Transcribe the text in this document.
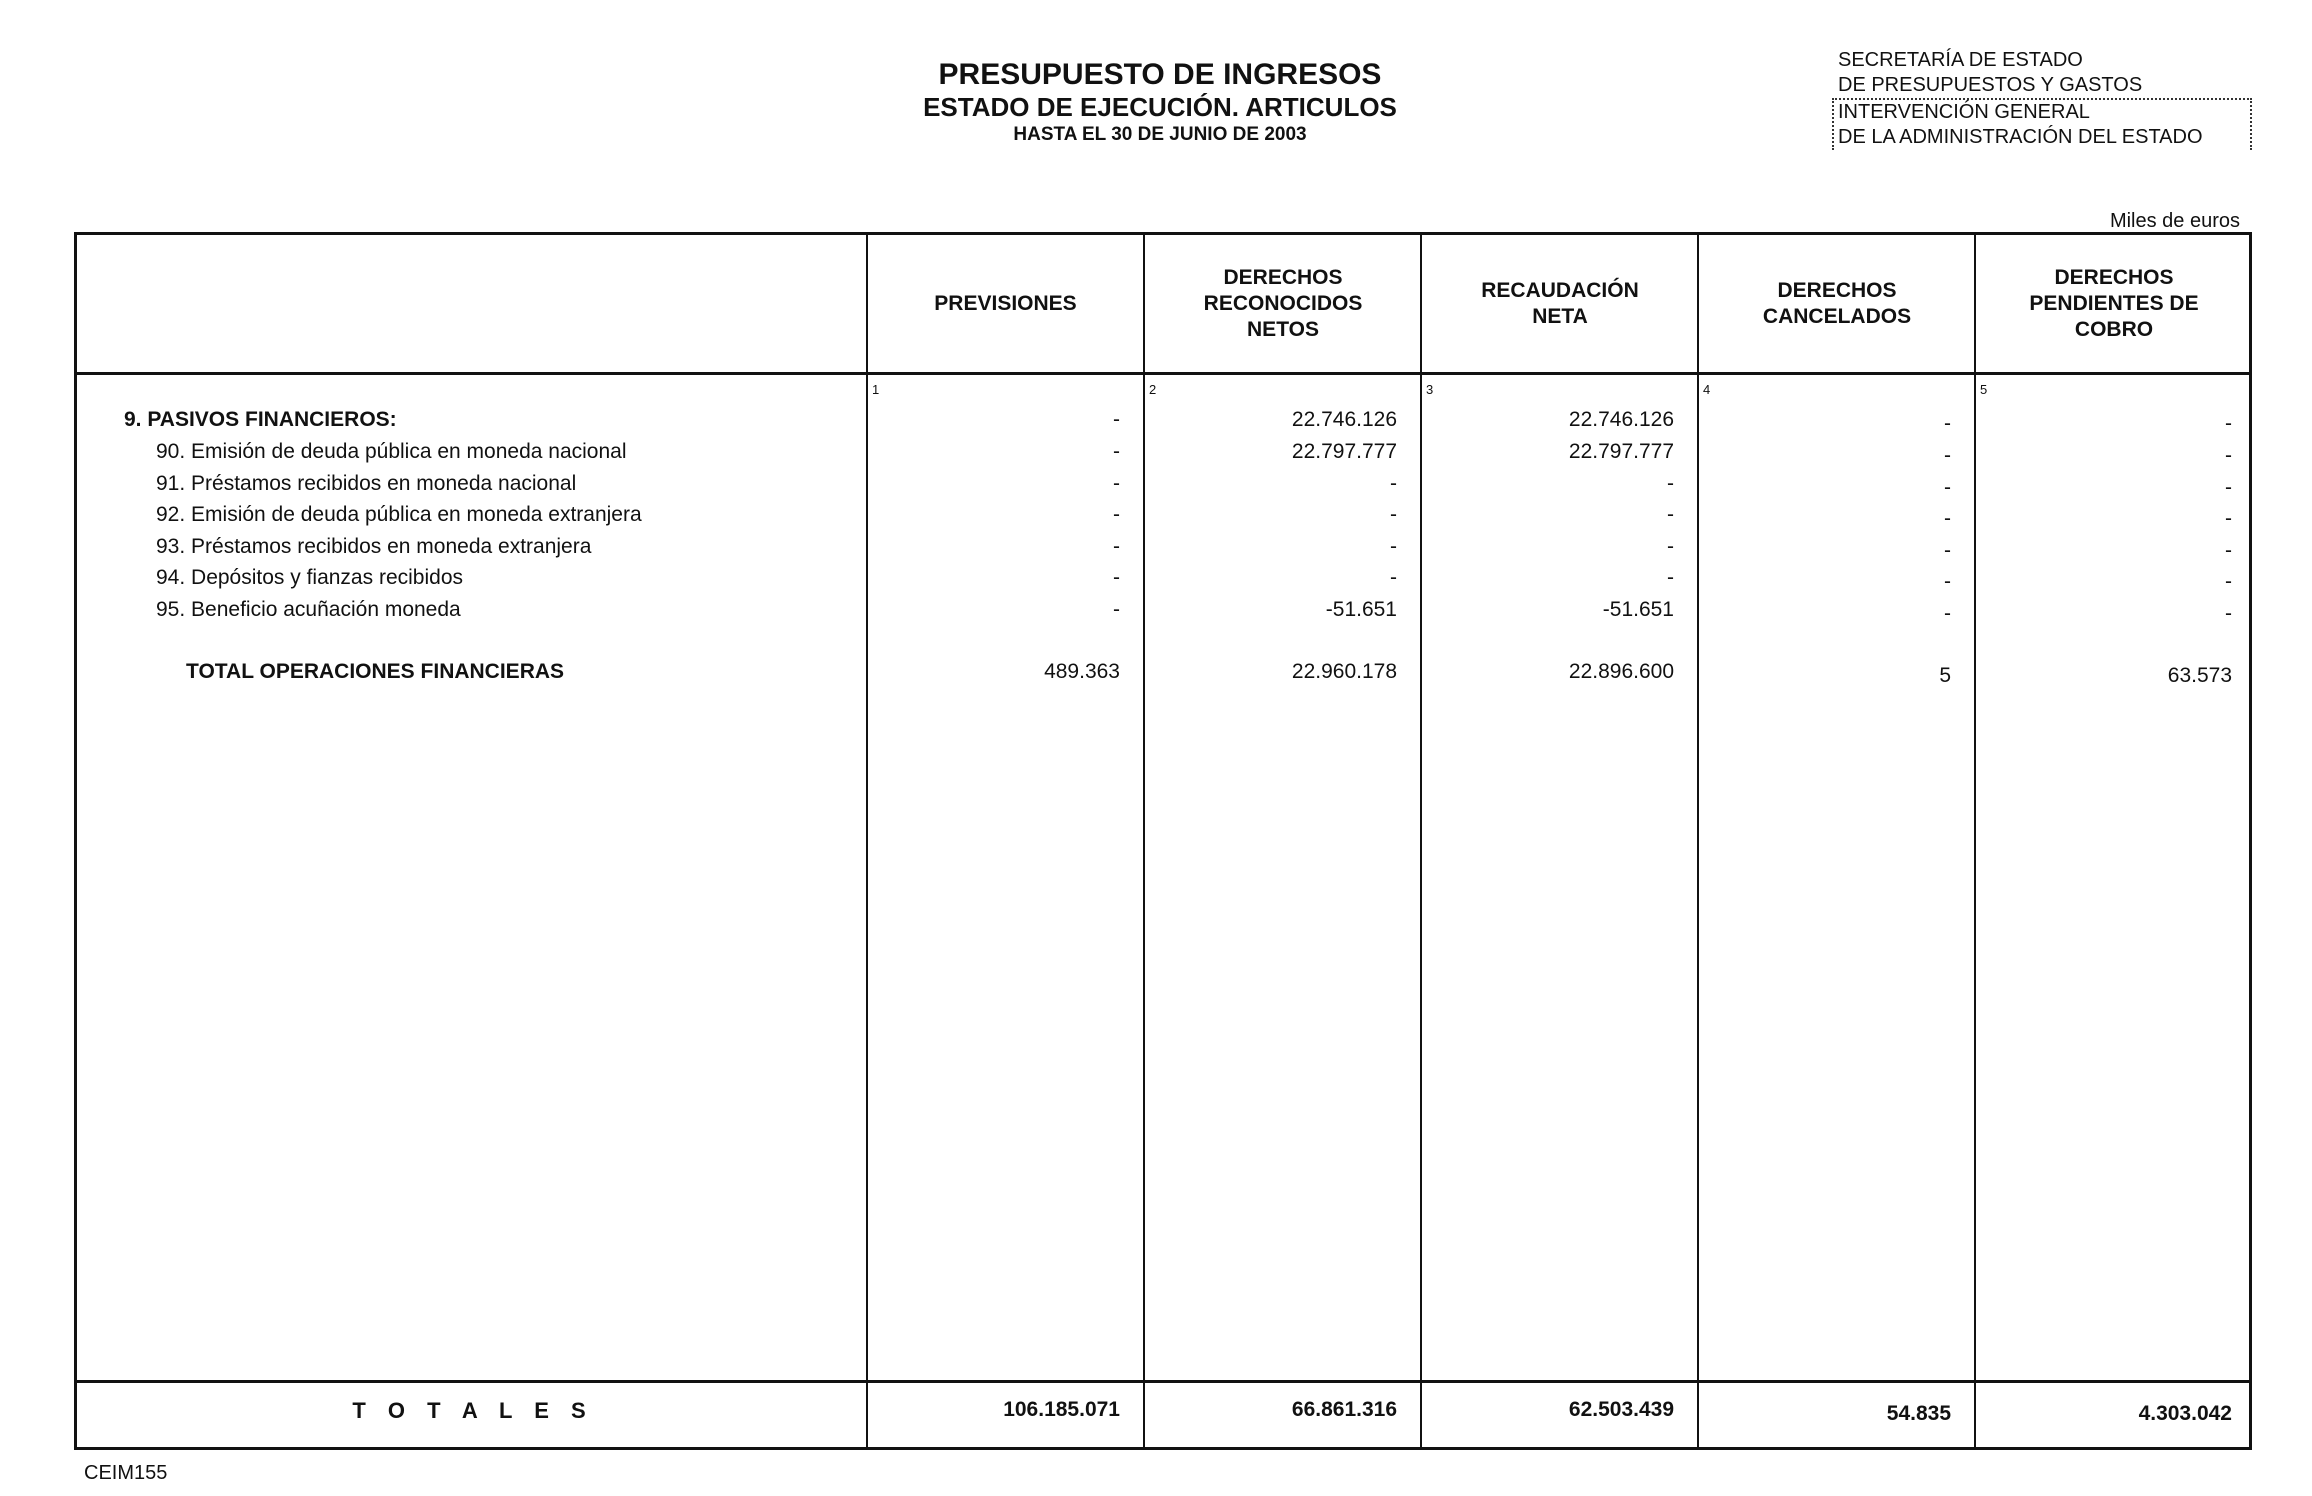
PRESUPUESTO DE INGRESOS
ESTADO DE EJECUCIÓN. ARTICULOS
HASTA EL 30 DE JUNIO DE 2003
SECRETARÍA DE ESTADO
DE PRESUPUESTOS Y GASTOS
INTERVENCIÓN GENERAL
DE LA ADMINISTRACIÓN DEL ESTADO
Miles de euros
PREVISIONES
DERECHOS RECONOCIDOS NETOS
RECAUDACIÓN NETA
DERECHOS CANCELADOS
DERECHOS PENDIENTES DE COBRO
1	2	3	4	5
9. PASIVOS FINANCIEROS:	-	22.746.126	22.746.126	-	-
90. Emisión de deuda pública en moneda nacional	-	22.797.777	22.797.777	-	-
91. Préstamos recibidos en moneda nacional	-	-	-	-	-
92. Emisión de deuda pública en moneda extranjera	-	-	-	-	-
93. Préstamos recibidos en moneda extranjera	-	-	-	-	-
94. Depósitos y fianzas recibidos	-	-	-	-	-
95. Beneficio acuñación moneda	-	-51.651	-51.651	-	-
TOTAL OPERACIONES FINANCIERAS	489.363	22.960.178	22.896.600	5	63.573
T O T A L E S	106.185.071	66.861.316	62.503.439	54.835	4.303.042
CEIM155
